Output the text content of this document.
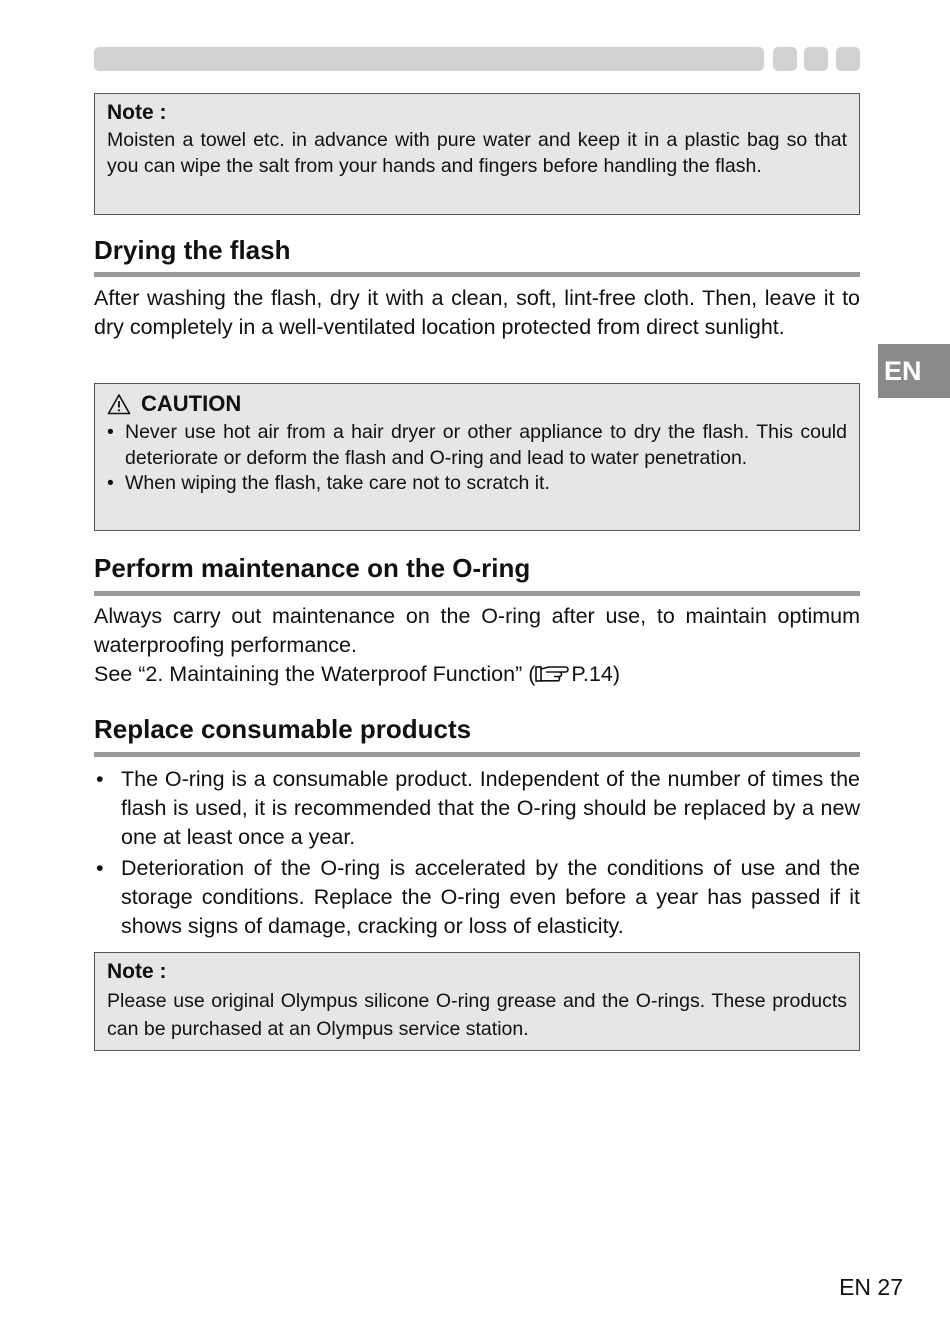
EN
Note :
Moisten a towel etc. in advance with pure water and keep it in a plastic bag so that you can wipe the salt from your hands and fingers before handling the flash.
Drying the flash

After washing the flash, dry it with a clean, soft, lint-free cloth. Then, leave it to dry completely in a well-ventilated location protected from direct sunlight.

CAUTION
• Never use hot air from a hair dryer or other appliance to dry the flash. This could deteriorate or deform the flash and O-ring and lead to water penetration.
• When wiping the flash, take care not to scratch it.
Perform maintenance on the O-ring

Always carry out maintenance on the O-ring after use, to maintain optimum waterproofing performance.

See “2. Maintaining the Waterproof Function” ( P.14)

Replace consumable products
• The O-ring is a consumable product. Independent of the number of times the flash is used, it is recommended that the O-ring should be replaced by a new one at least once a year.
• Deterioration of the O-ring is accelerated by the conditions of use and the storage conditions. Replace the O-ring even before a year has passed if it shows signs of damage, cracking or loss of elasticity.
Note :
Please use original Olympus silicone O-ring grease and the O-rings. These products can be purchased at an Olympus service station.
EN 27
